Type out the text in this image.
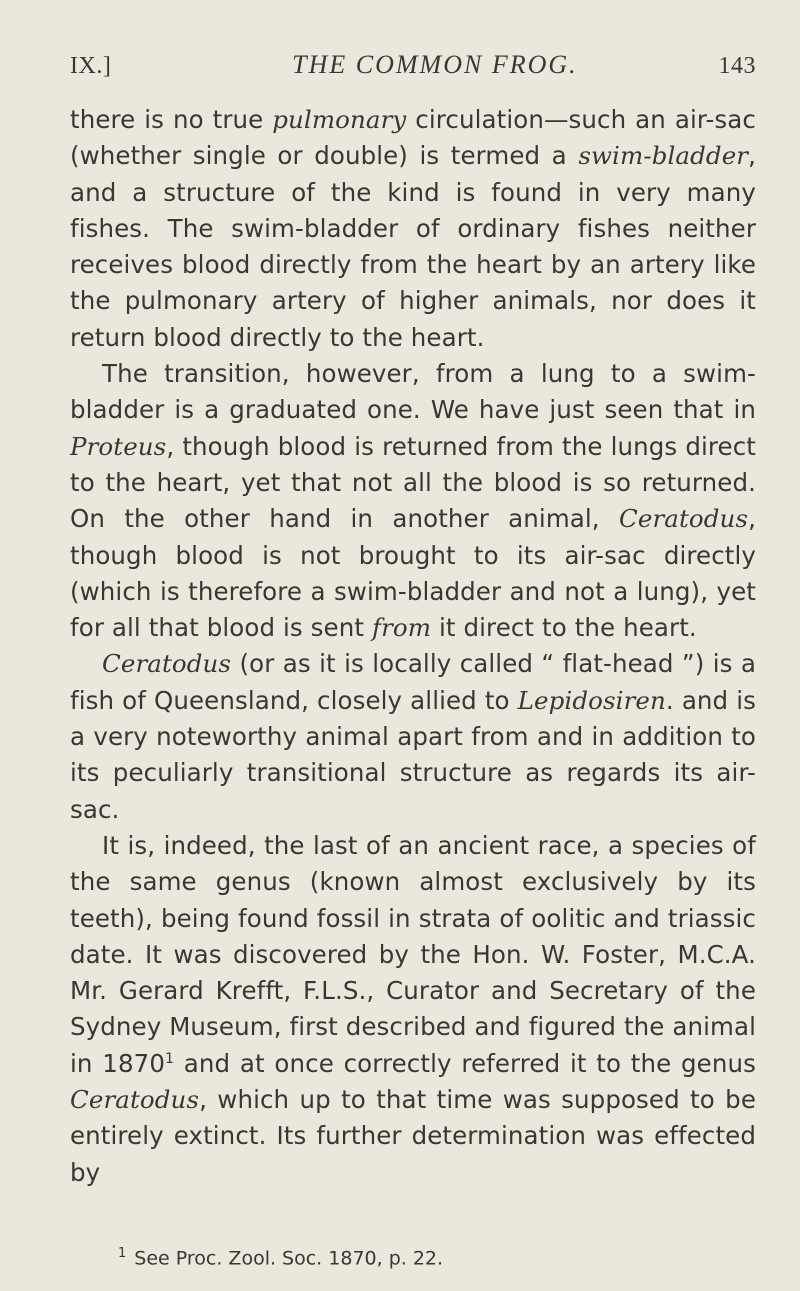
IX.]	THE COMMON FROG.	143

there is no true pulmonary circulation—such an air-sac (whether single or double) is termed a swim-bladder, and a structure of the kind is found in very many fishes. The swim-bladder of ordinary fishes neither receives blood directly from the heart by an artery like the pulmonary artery of higher animals, nor does it return blood directly to the heart.

The transition, however, from a lung to a swim-bladder is a graduated one. We have just seen that in Proteus, though blood is returned from the lungs direct to the heart, yet that not all the blood is so returned. On the other hand in another animal, Ceratodus, though blood is not brought to its air-sac directly (which is therefore a swim-bladder and not a lung), yet for all that blood is sent from it direct to the heart.

Ceratodus (or as it is locally called “ flat-head ”) is a fish of Queensland, closely allied to Lepidosiren. and is a very noteworthy animal apart from and in addition to its peculiarly transitional structure as regards its air-sac.

It is, indeed, the last of an ancient race, a species of the same genus (known almost exclusively by its teeth), being found fossil in strata of oolitic and triassic date. It was discovered by the Hon. W. Foster, M.C.A. Mr. Gerard Krefft, F.L.S., Curator and Secretary of the Sydney Museum, first described and figured the animal in 1870$^1$ and at once correctly referred it to the genus Ceratodus, which up to that time was supposed to be entirely extinct. Its further determination was effected by

$^1$ See Proc. Zool. Soc. 1870, p. 22.
